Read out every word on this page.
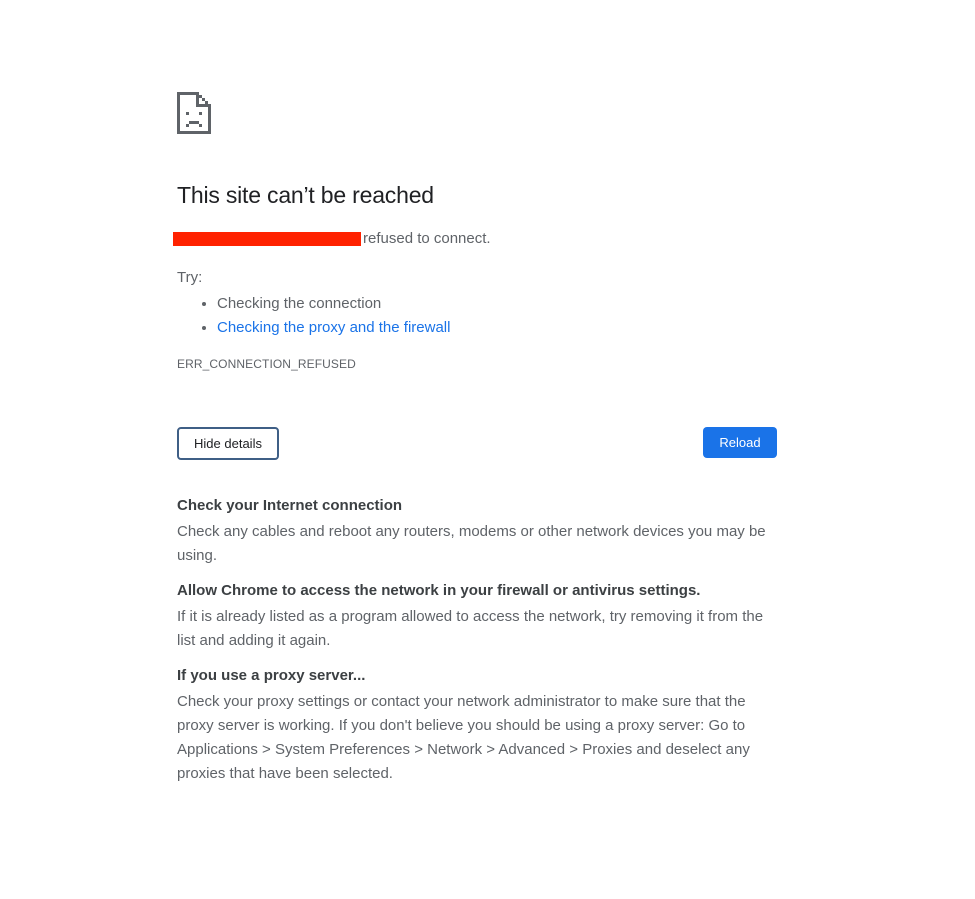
This site can’t be reached
refused to connect.
Try:
• Checking the connection
• Checking the proxy and the firewall
ERR_CONNECTION_REFUSED
Hide details	Reload

Check your Internet connection

Check any cables and reboot any routers, modems or other network devices you may be using.

Allow Chrome to access the network in your firewall or antivirus settings.

If it is already listed as a program allowed to access the network, try removing it from the list and adding it again.

If you use a proxy server...

Check your proxy settings or contact your network administrator to make sure that the proxy server is working. If you don't believe you should be using a proxy server: Go to Applications > System Preferences > Network > Advanced > Proxies and deselect any proxies that have been selected.
